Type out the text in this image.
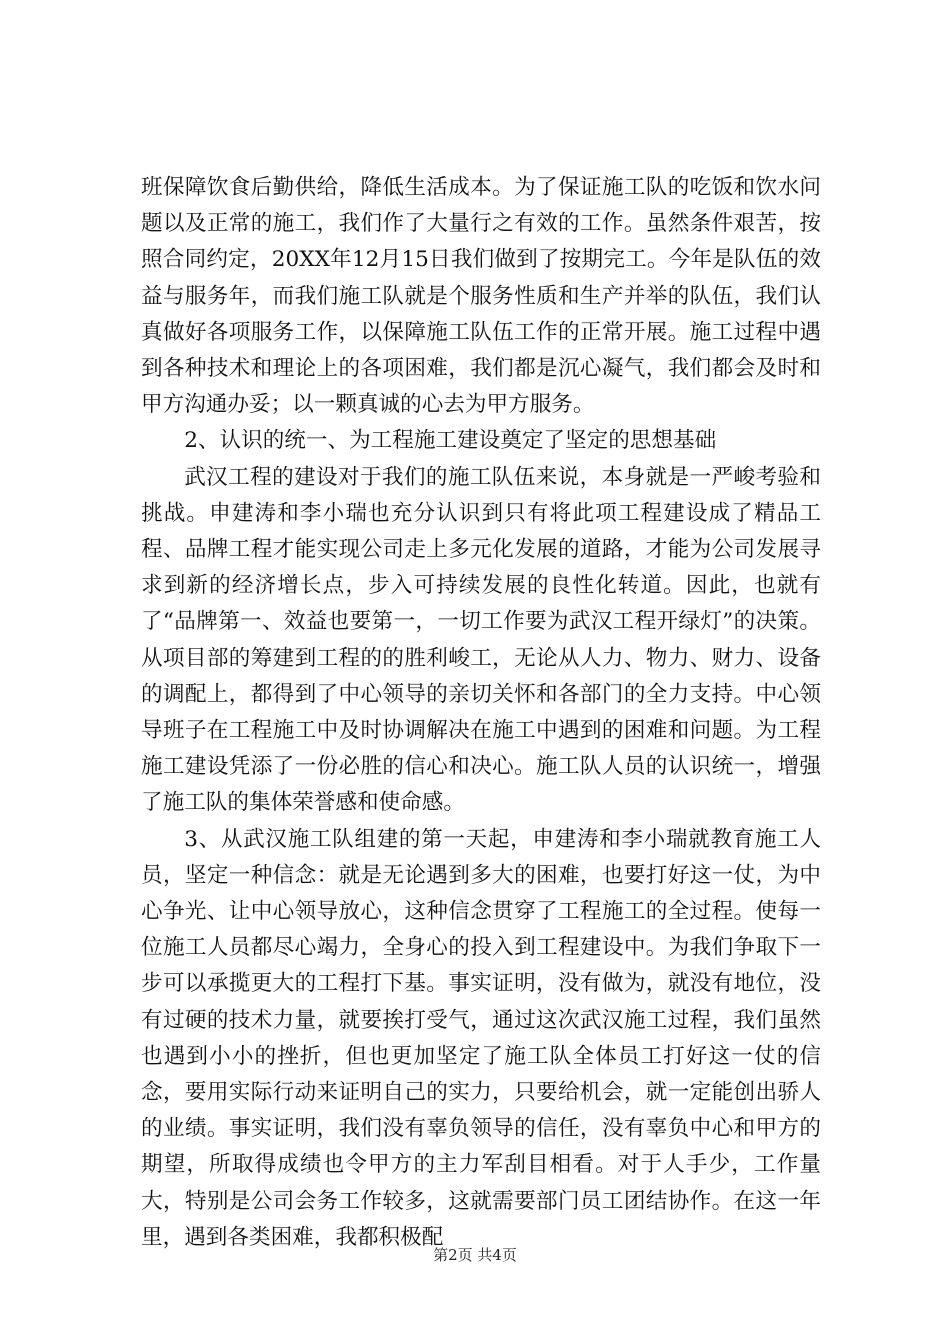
班保障饮食后勤供给，降低生活成本。为了保证施工队的吃饭和饮水问题以及正常的施工，我们作了大量行之有效的工作。虽然条件艰苦，按照合同约定，20XX年12月15日我们做到了按期完工。今年是队伍的效益与服务年，而我们施工队就是个服务性质和生产并举的队伍，我们认真做好各项服务工作，以保障施工队伍工作的正常开展。施工过程中遇到各种技术和理论上的各项困难，我们都是沉心凝气，我们都会及时和甲方沟通办妥；以一颗真诚的心去为甲方服务。

2、认识的统一、为工程施工建设奠定了坚定的思想基础

武汉工程的建设对于我们的施工队伍来说，本身就是一严峻考验和挑战。申建涛和李小瑞也充分认识到只有将此项工程建设成了精品工程、品牌工程才能实现公司走上多元化发展的道路，才能为公司发展寻求到新的经济增长点，步入可持续发展的良性化转道。因此，也就有了“品牌第一、效益也要第一，一切工作要为武汉工程开绿灯”的决策。从项目部的筹建到工程的的胜利峻工，无论从人力、物力、财力、设备的调配上，都得到了中心领导的亲切关怀和各部门的全力支持。中心领导班子在工程施工中及时协调解决在施工中遇到的困难和问题。为工程施工建设凭添了一份必胜的信心和决心。施工队人员的认识统一，增强了施工队的集体荣誉感和使命感。

3、从武汉施工队组建的第一天起，申建涛和李小瑞就教育施工人员，坚定一种信念：就是无论遇到多大的困难，也要打好这一仗，为中心争光、让中心领导放心，这种信念贯穿了工程施工的全过程。使每一位施工人员都尽心竭力，全身心的投入到工程建设中。为我们争取下一步可以承揽更大的工程打下基。事实证明，没有做为，就没有地位，没有过硬的技术力量，就要挨打受气，通过这次武汉施工过程，我们虽然也遇到小小的挫折，但也更加坚定了施工队全体员工打好这一仗的信念，要用实际行动来证明自己的实力，只要给机会，就一定能创出骄人的业绩。事实证明，我们没有辜负领导的信任，没有辜负中心和甲方的期望，所取得成绩也令甲方的主力军刮目相看。对于人手少，工作量大，特别是公司会务工作较多，这就需要部门员工团结协作。在这一年里，遇到各类困难，我都积极配

第2页 共4页
